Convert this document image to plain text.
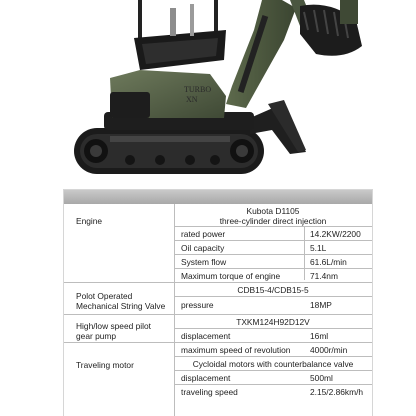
TURBO
XN
Engine
Kubota D1105
three-cylinder direct injection
rated power	14.2KW/2200
Oil capacity	5.1L
System flow	61.6L/min
Maximum torque of engine	71.4nm
Polot Operated
Mechanical String Valve
CDB15-4/CDB15-5
pressure	18MP
High/low speed pilot
gear pump
TXKM124H92D12V
displacement	16ml
Traveling motor
maximum speed of revolution 4000r/min
Cycloidal motors with counterbalance valve
displacement	500ml
traveling speed	2.15/2.86km/h
